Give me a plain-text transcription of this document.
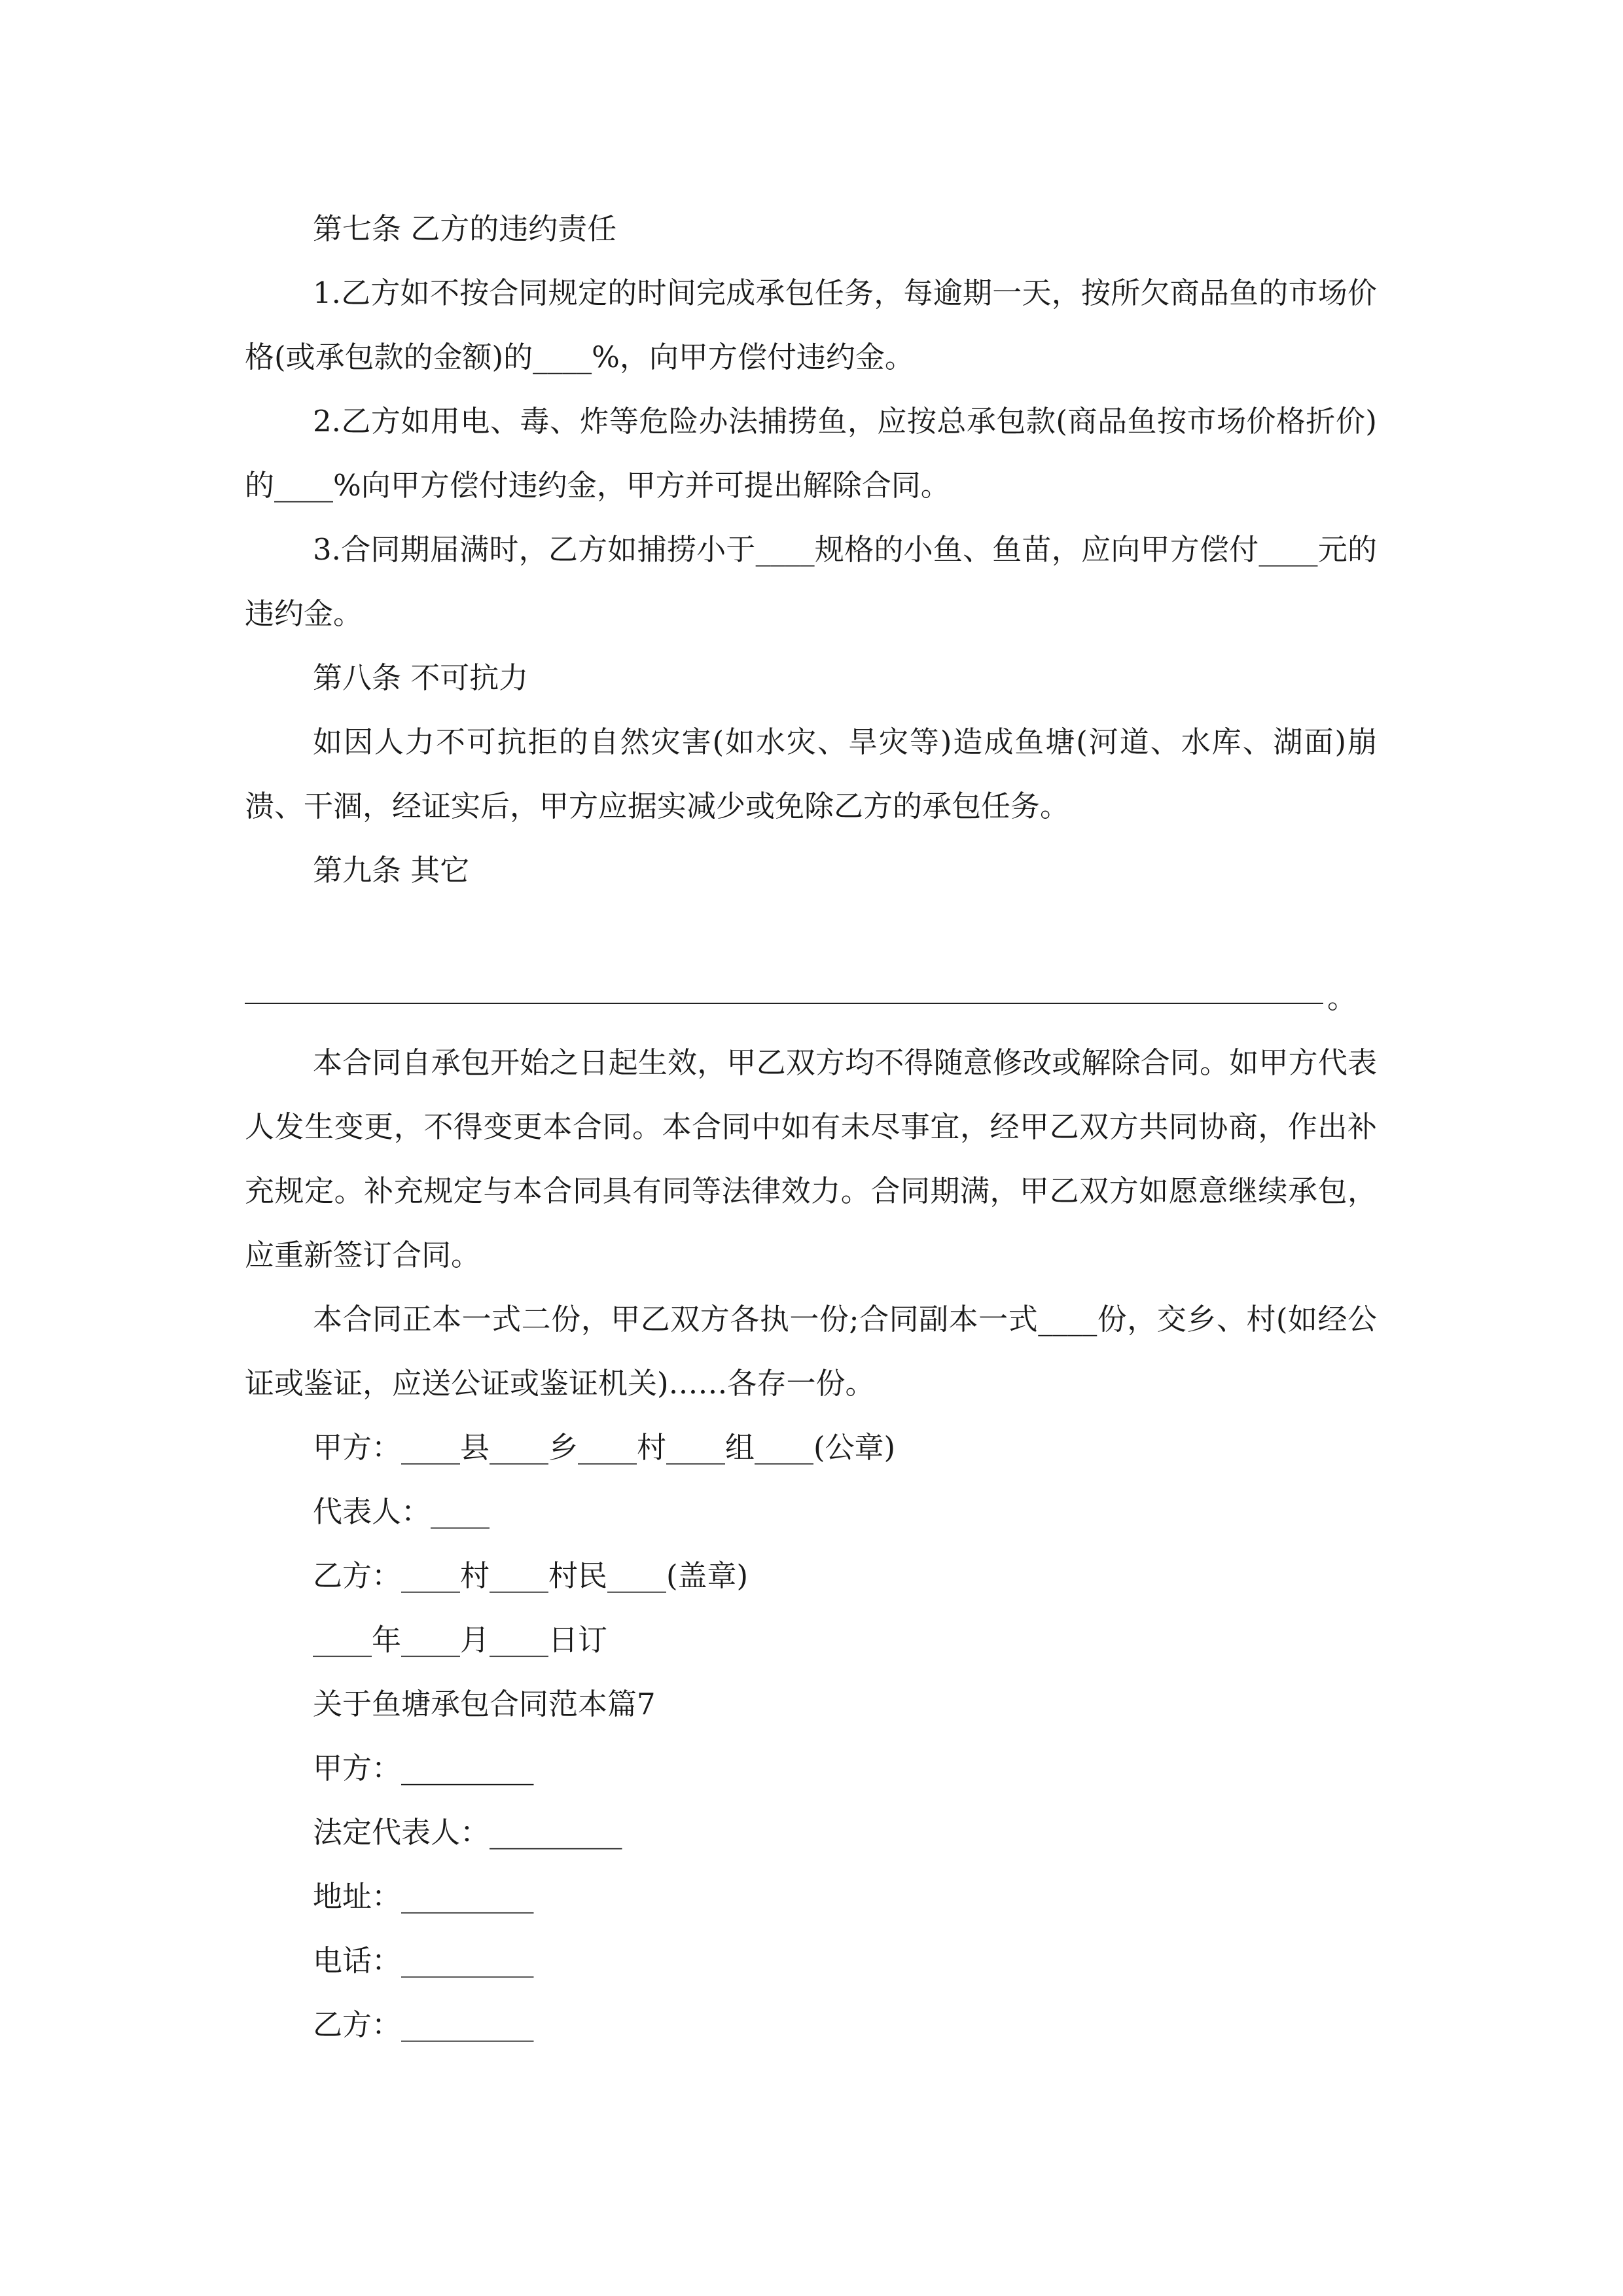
第七条 乙方的违约责任

1.乙方如不按合同规定的时间完成承包任务，每逾期一天，按所欠商品鱼的市场价格(或承包款的金额)的____%，向甲方偿付违约金。

2.乙方如用电、毒、炸等危险办法捕捞鱼，应按总承包款(商品鱼按市场价格折价)的____%向甲方偿付违约金，甲方并可提出解除合同。

3.合同期届满时，乙方如捕捞小于____规格的小鱼、鱼苗，应向甲方偿付____元的违约金。

第八条 不可抗力

如因人力不可抗拒的自然灾害(如水灾、旱灾等)造成鱼塘(河道、水库、湖面)崩溃、干涸，经证实后，甲方应据实减少或免除乙方的承包任务。

第九条 其它

。

本合同自承包开始之日起生效，甲乙双方均不得随意修改或解除合同。如甲方代表人发生变更，不得变更本合同。本合同中如有未尽事宜，经甲乙双方共同协商，作出补充规定。补充规定与本合同具有同等法律效力。合同期满，甲乙双方如愿意继续承包，应重新签订合同。

本合同正本一式二份，甲乙双方各执一份;合同副本一式____份，交乡、村(如经公证或鉴证，应送公证或鉴证机关)……各存一份。

甲方：____县____乡____村____组____(公章)

代表人：____

乙方：____村____村民____(盖章)

____年____月____日订

关于鱼塘承包合同范本篇7

甲方：_________

法定代表人：_________

地址：_________

电话：_________

乙方：_________
